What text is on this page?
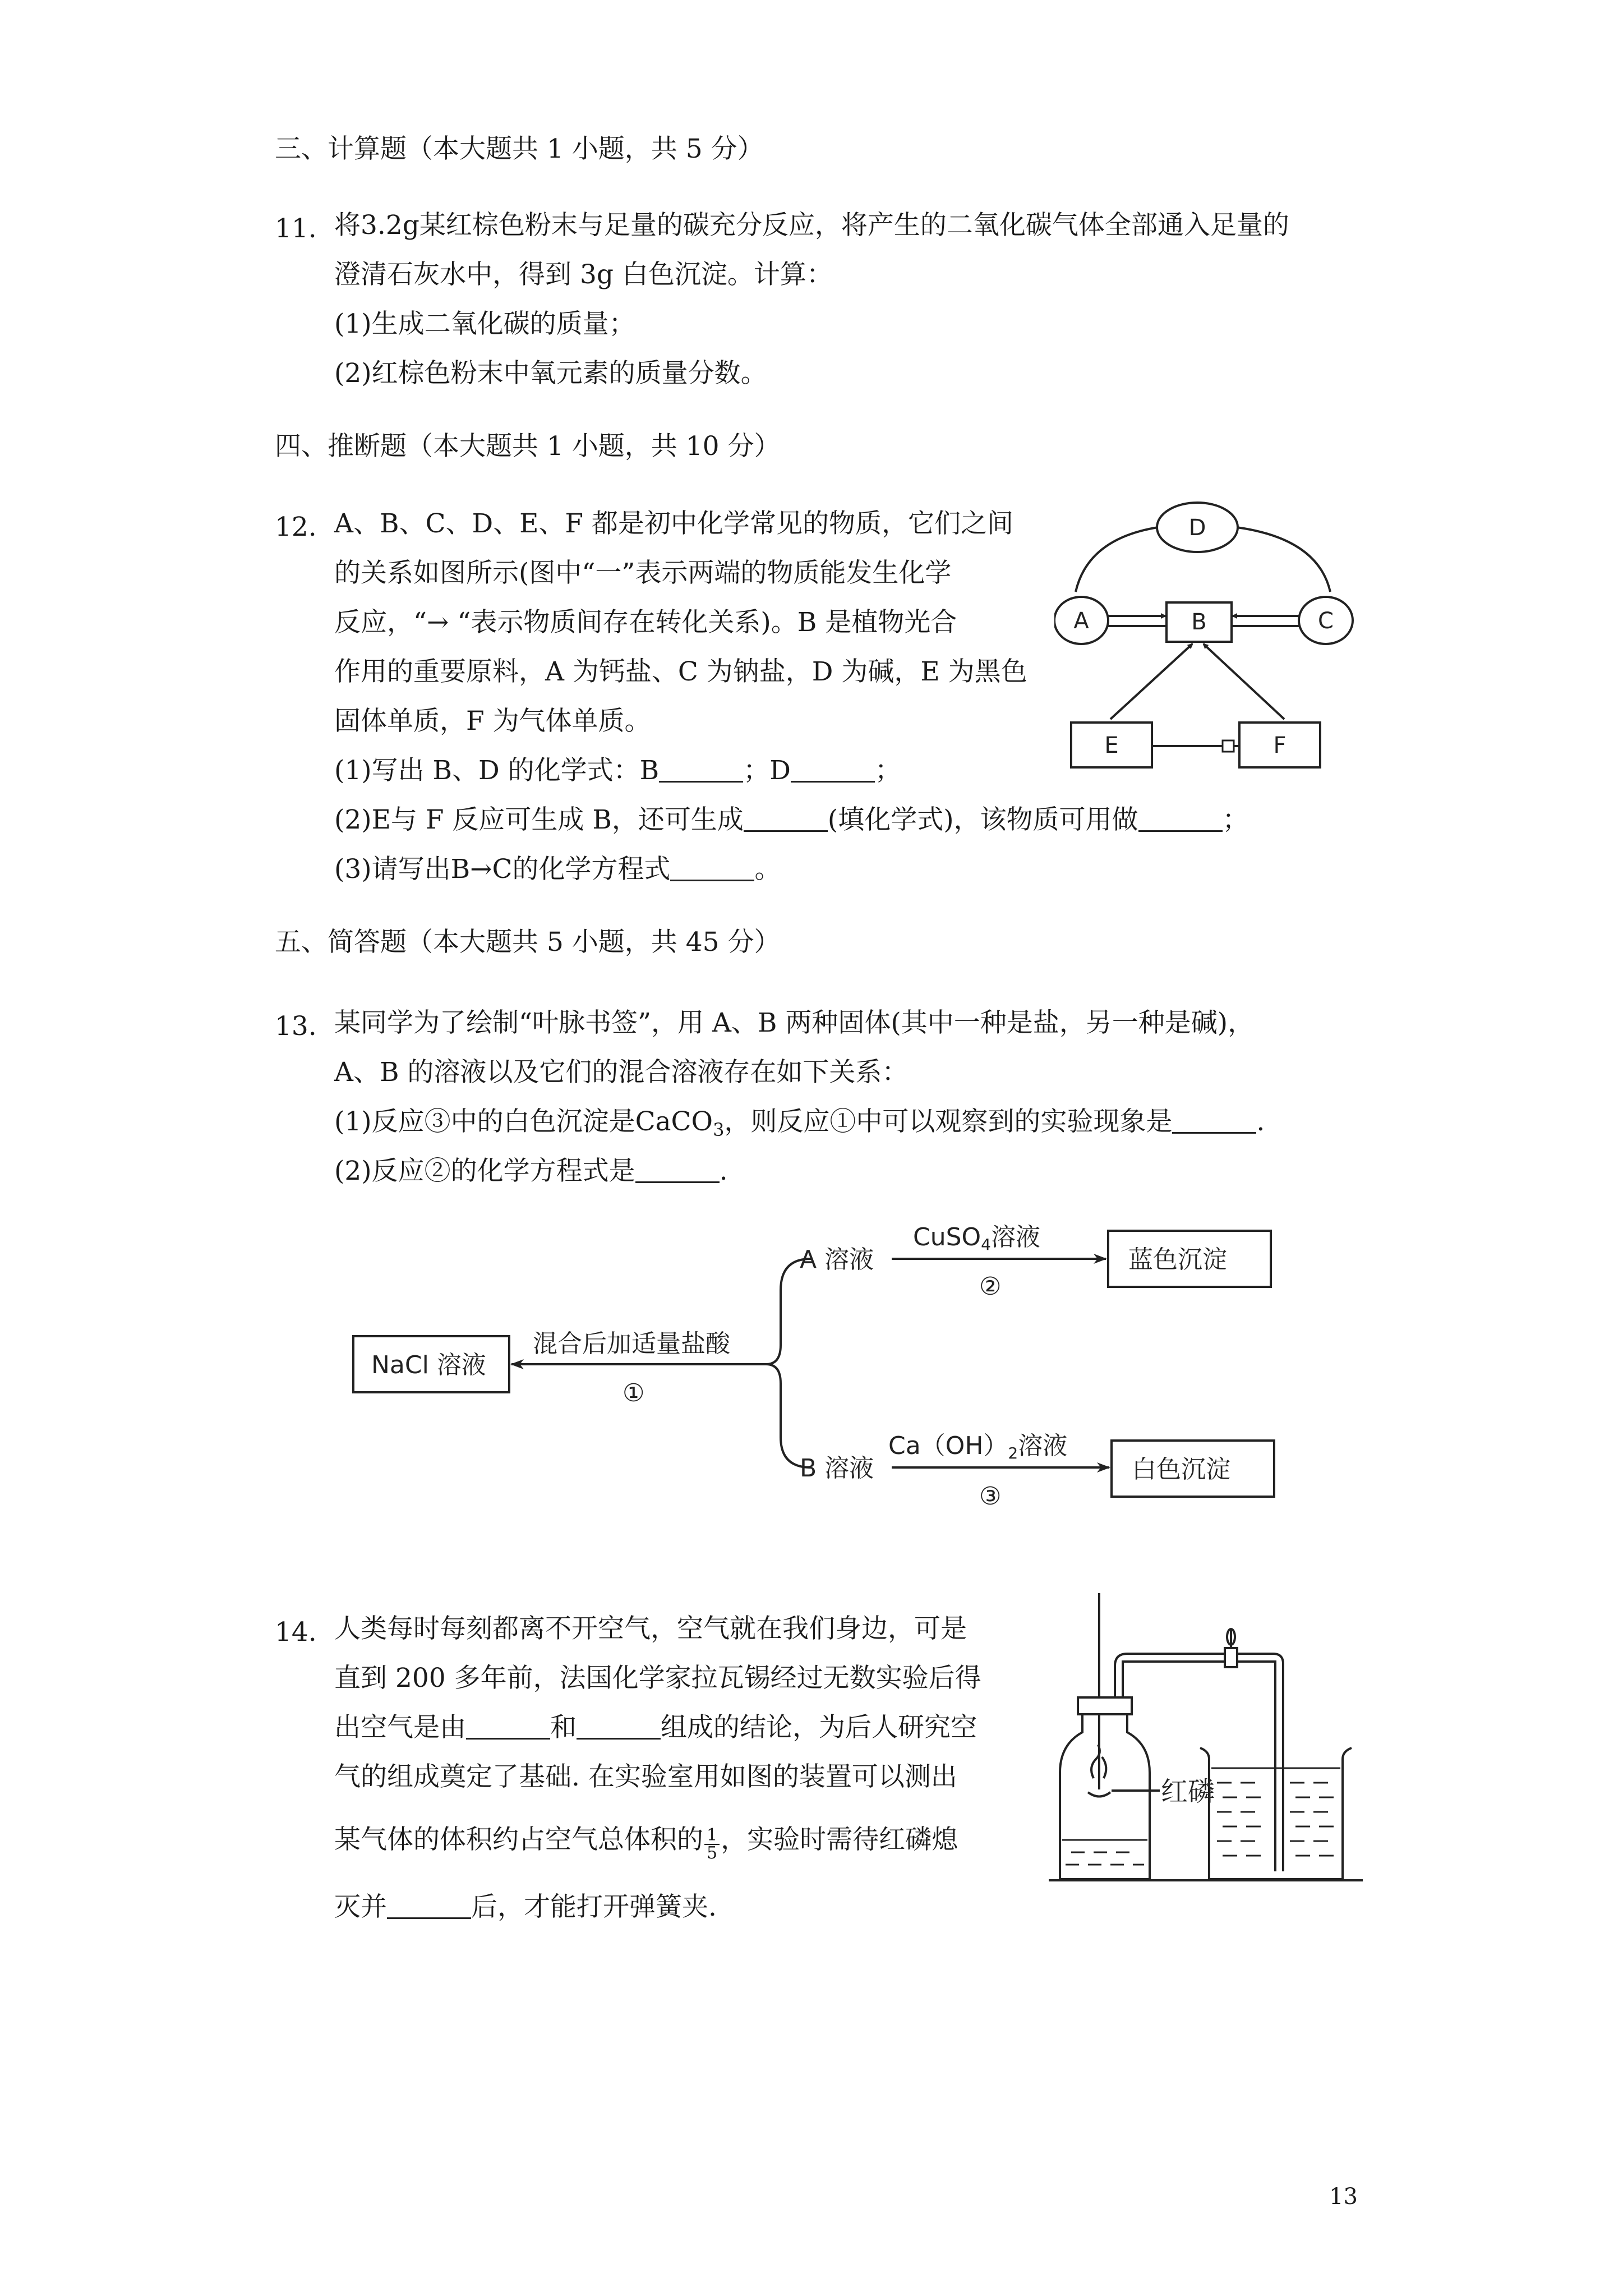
三、计算题（本大题共 1 小题，共 5 分）
11. 将3.2g某红棕色粉末与足量的碳充分反应，将产生的二氧化碳气体全部通入足量的
澄清石灰水中，得到 3g 白色沉淀。计算：
(1)生成二氧化碳的质量；
(2)红棕色粉末中氧元素的质量分数。
四、推断题（本大题共 1 小题，共 10 分）
12. A、B、C、D、E、F 都是初中化学常见的物质，它们之间
的关系如图所示(图中“一”表示两端的物质能发生化学
反应，“→ “表示物质间存在转化关系)。B 是植物光合
作用的重要原料，A 为钙盐、C 为钠盐，D 为碱，E 为黑色
固体单质，F 为气体单质。
(1)写出 B、D 的化学式：B	；D	；
(2)E与 F 反应可生成 B，还可生成	(填化学式)，该物质可用做	；
(3)请写出B→C的化学方程式	。
D
A	B	C
E	F
五、简答题（本大题共 5 小题，共 45 分）
13. 某同学为了绘制“叶脉书签”，用 A、B 两种固体(其中一种是盐，另一种是碱)，
A、B 的溶液以及它们的混合溶液存在如下关系：
(1)反应③中的白色沉淀是CaCO$_3$，则反应①中可以观察到的实验现象是	.
(2)反应②的化学方程式是	.
NaCl 溶液
混合后加适量盐酸
①
A 溶液
CuSO4溶液
②
蓝色沉淀
B 溶液
Ca（OH）2溶液
③
白色沉淀
14. 人类每时每刻都离不开空气，空气就在我们身边，可是
直到 200 多年前，法国化学家拉瓦锡经过无数实验后得
出空气是由	和	组成的结论，为后人研究空
气的组成奠定了基础. 在实验室用如图的装置可以测出
某气体的体积约占空气总体积的 $\frac{1}{5}$ ，实验时需待红磷熄
灭并	后，才能打开弹簧夹.
红磷
13
